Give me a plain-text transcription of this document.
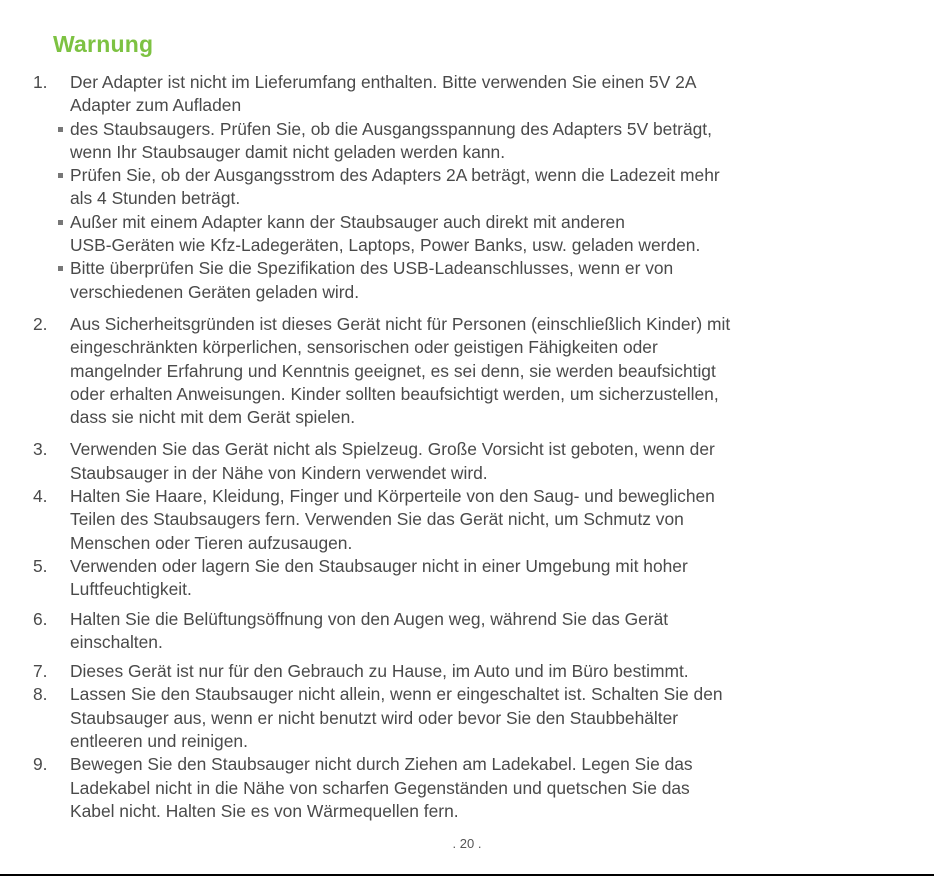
Warnung
1.	Der Adapter ist nicht im Lieferumfang enthalten. Bitte verwenden Sie einen 5V 2A
Adapter zum Aufladen
des Staubsaugers. Prüfen Sie, ob die Ausgangsspannung des Adapters 5V beträgt,
wenn Ihr Staubsauger damit nicht geladen werden kann.
Prüfen Sie, ob der Ausgangsstrom des Adapters 2A beträgt, wenn die Ladezeit mehr
als 4 Stunden beträgt.
Außer mit einem Adapter kann der Staubsauger auch direkt mit anderen
USB-Geräten wie Kfz-Ladegeräten, Laptops, Power Banks, usw. geladen werden.
Bitte überprüfen Sie die Spezifikation des USB-Ladeanschlusses, wenn er von
verschiedenen Geräten geladen wird.
2.	Aus Sicherheitsgründen ist dieses Gerät nicht für Personen (einschließlich Kinder) mit
eingeschränkten körperlichen, sensorischen oder geistigen Fähigkeiten oder
mangelnder Erfahrung und Kenntnis geeignet, es sei denn, sie werden beaufsichtigt
oder erhalten Anweisungen. Kinder sollten beaufsichtigt werden, um sicherzustellen,
dass sie nicht mit dem Gerät spielen.
3.	Verwenden Sie das Gerät nicht als Spielzeug. Große Vorsicht ist geboten, wenn der
Staubsauger in der Nähe von Kindern verwendet wird.
4.	Halten Sie Haare, Kleidung, Finger und Körperteile von den Saug- und beweglichen
Teilen des Staubsaugers fern. Verwenden Sie das Gerät nicht, um Schmutz von
Menschen oder Tieren aufzusaugen.
5.	Verwenden oder lagern Sie den Staubsauger nicht in einer Umgebung mit hoher
Luftfeuchtigkeit.
6.	Halten Sie die Belüftungsöffnung von den Augen weg, während Sie das Gerät
einschalten.
7.	Dieses Gerät ist nur für den Gebrauch zu Hause, im Auto und im Büro bestimmt.
8.	Lassen Sie den Staubsauger nicht allein, wenn er eingeschaltet ist. Schalten Sie den
Staubsauger aus, wenn er nicht benutzt wird oder bevor Sie den Staubbehälter
entleeren und reinigen.
9.	Bewegen Sie den Staubsauger nicht durch Ziehen am Ladekabel. Legen Sie das
Ladekabel nicht in die Nähe von scharfen Gegenständen und quetschen Sie das
Kabel nicht. Halten Sie es von Wärmequellen fern.
. 20 .
